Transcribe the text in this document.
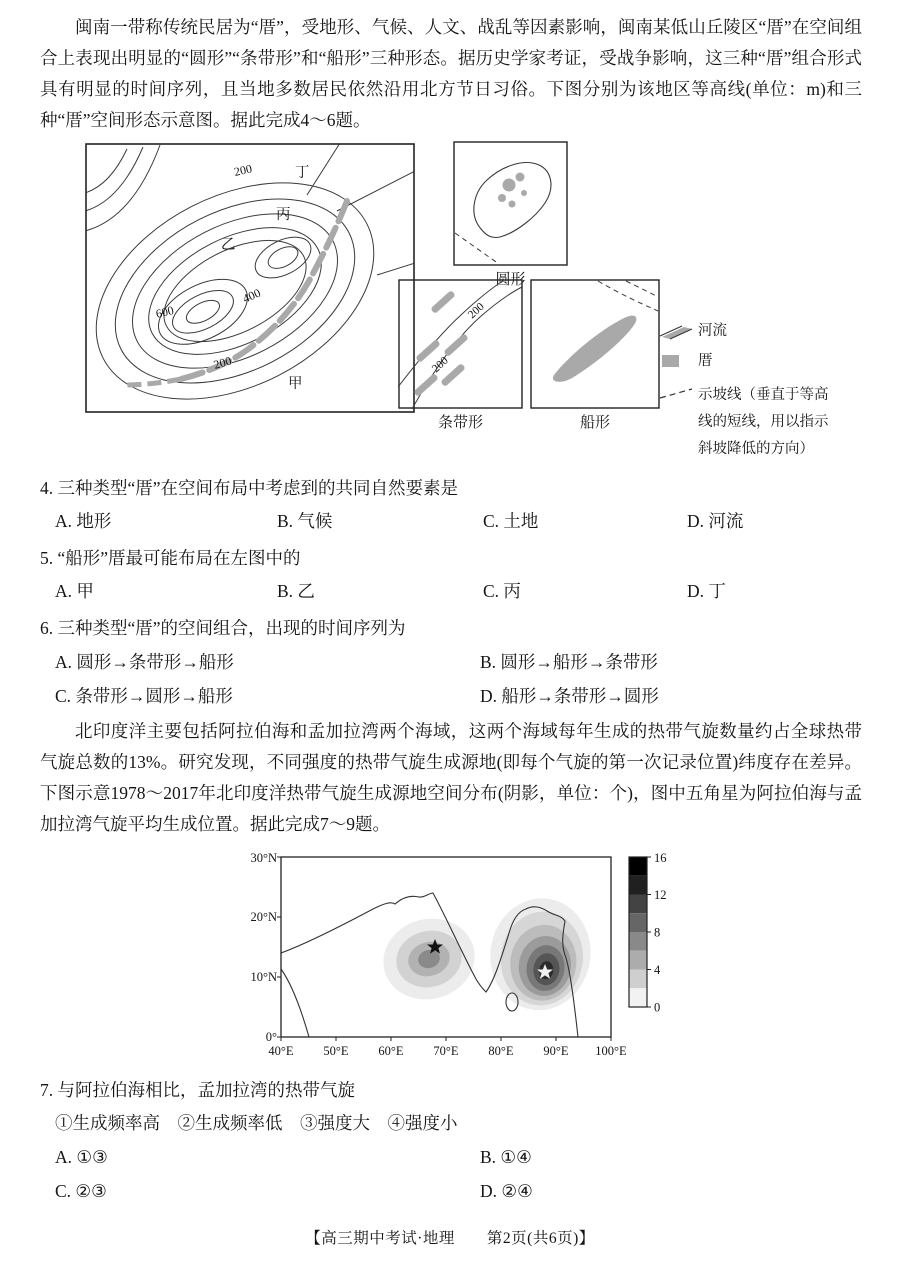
闽南一带称传统民居为“厝”，受地形、气候、人文、战乱等因素影响，闽南某低山丘陵区“厝”在空间组合上表现出明显的“圆形”“条带形”和“船形”三种形态。据历史学家考证，受战争影响，这三种“厝”组合形式具有明显的时间序列，且当地多数居民依然沿用北方节日习俗。下图分别为该地区等高线(单位：m)和三种“厝”空间形态示意图。据此完成4～6题。

200
400
600
200
丁
丙
乙
甲
圆形
200
200
条带形	船形
河流
厝
示坡线（垂直于等高
线的短线，用以指示
斜坡降低的方向）
4. 三种类型“厝”在空间布局中考虑到的共同自然要素是
A. 地形	B. 气候	C. 土地	D. 河流
5. “船形”厝最可能布局在左图中的
A. 甲	B. 乙	C. 丙	D. 丁
6. 三种类型“厝”的空间组合，出现的时间序列为
A. 圆形→条带形→船形	B. 圆形→船形→条带形
C. 条带形→圆形→船形	D. 船形→条带形→圆形

北印度洋主要包括阿拉伯海和孟加拉湾两个海域，这两个海域每年生成的热带气旋数量约占全球热带气旋总数的13%。研究发现，不同强度的热带气旋生成源地(即每个气旋的第一次记录位置)纬度存在差异。下图示意1978～2017年北印度洋热带气旋生成源地空间分布(阴影，单位：个)，图中五角星为阿拉伯海与孟加拉湾气旋平均生成位置。据此完成7～9题。

30°N
20°N
10°N
0°
40°E 50°E 60°E 70°E 80°E 90°E 100°E
16
12
8
4
0
7. 与阿拉伯海相比，孟加拉湾的热带气旋
①生成频率高　②生成频率低　③强度大　④强度小
A. ①③	B. ①④
C. ②③	D. ②④
【高三期中考试·地理　　第2页(共6页)】
